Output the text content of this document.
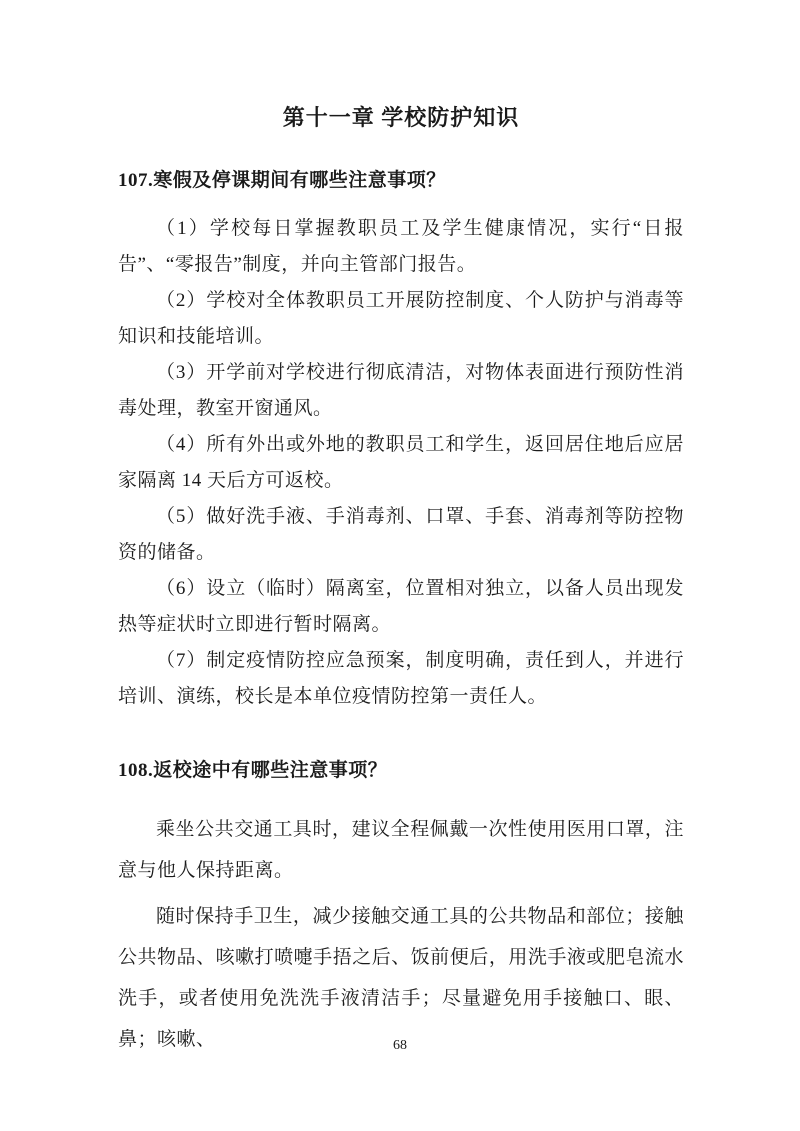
第十一章 学校防护知识
107.寒假及停课期间有哪些注意事项？

（1）学校每日掌握教职员工及学生健康情况，实行“日报告”、“零报告”制度，并向主管部门报告。

（2）学校对全体教职员工开展防控制度、个人防护与消毒等知识和技能培训。

（3）开学前对学校进行彻底清洁，对物体表面进行预防性消毒处理，教室开窗通风。

（4）所有外出或外地的教职员工和学生，返回居住地后应居家隔离 14 天后方可返校。

（5）做好洗手液、手消毒剂、口罩、手套、消毒剂等防控物资的储备。

（6）设立（临时）隔离室，位置相对独立，以备人员出现发热等症状时立即进行暂时隔离。

（7）制定疫情防控应急预案，制度明确，责任到人，并进行培训、演练，校长是本单位疫情防控第一责任人。

108.返校途中有哪些注意事项？

乘坐公共交通工具时，建议全程佩戴一次性使用医用口罩，注意与他人保持距离。

随时保持手卫生，减少接触交通工具的公共物品和部位；接触公共物品、咳嗽打喷嚏手捂之后、饭前便后，用洗手液或肥皂流水洗手，或者使用免洗洗手液清洁手；尽量避免用手接触口、眼、鼻；咳嗽、	68
